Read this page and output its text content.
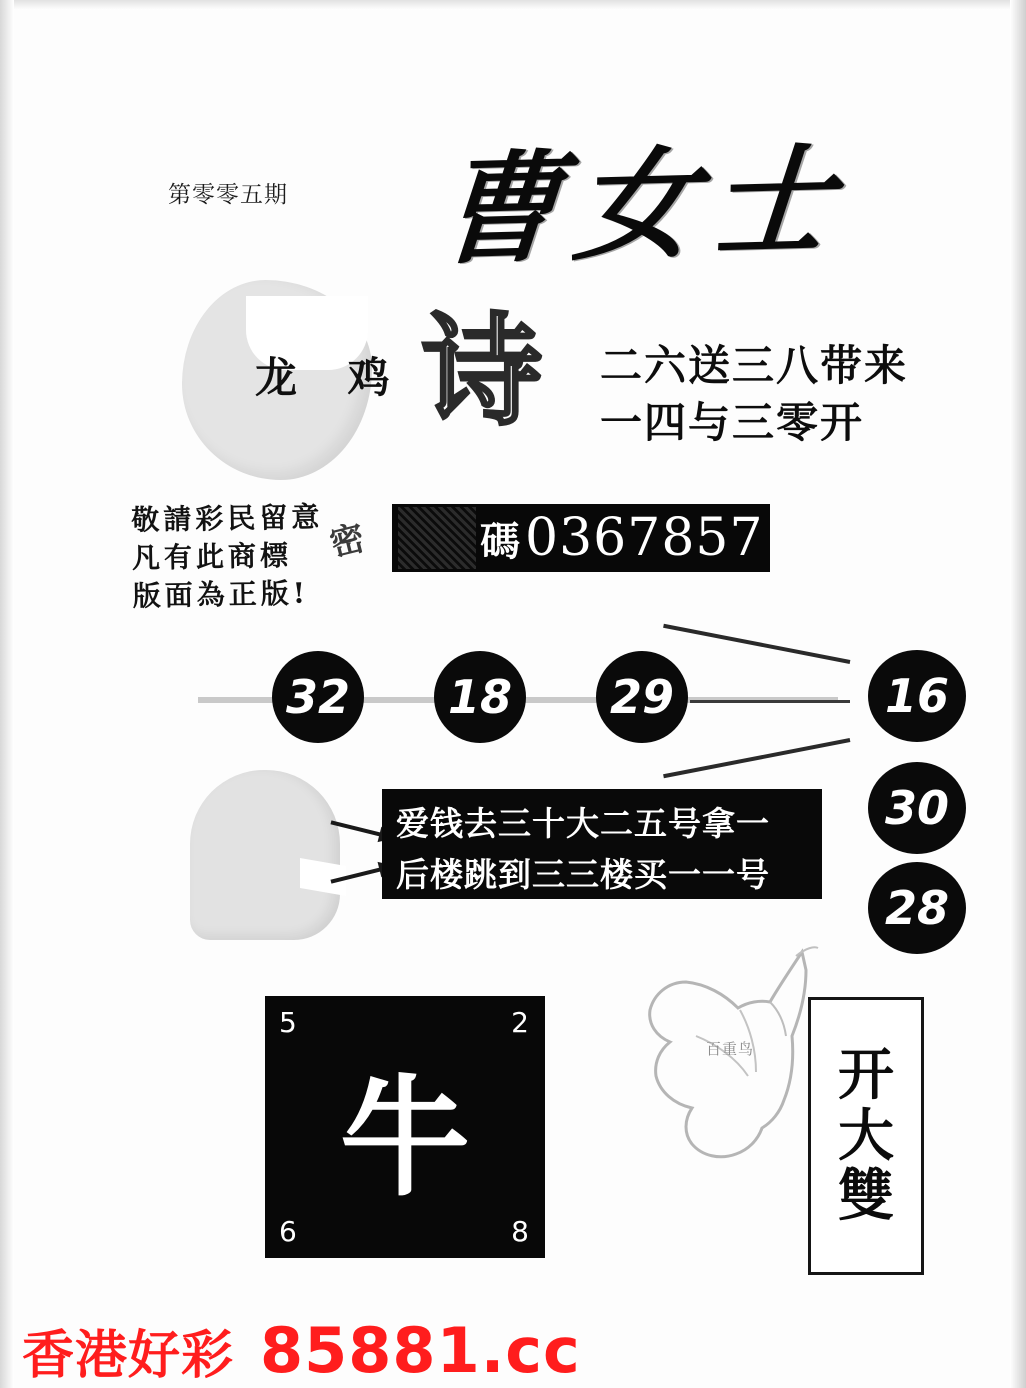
第零零五期 曹女士
龙 鸡 诗 二六送三八带来
一四与三零开
敬請彩民留意
凡有此商標
版面為正版!
密	碼 0367857
32	18	29	16
30
28
爱钱去三十大二五号拿一
后楼跳到三三楼买一一号
牛
5	2
6	8
百重鸟 开
大
雙
香港好彩 85881.cc
